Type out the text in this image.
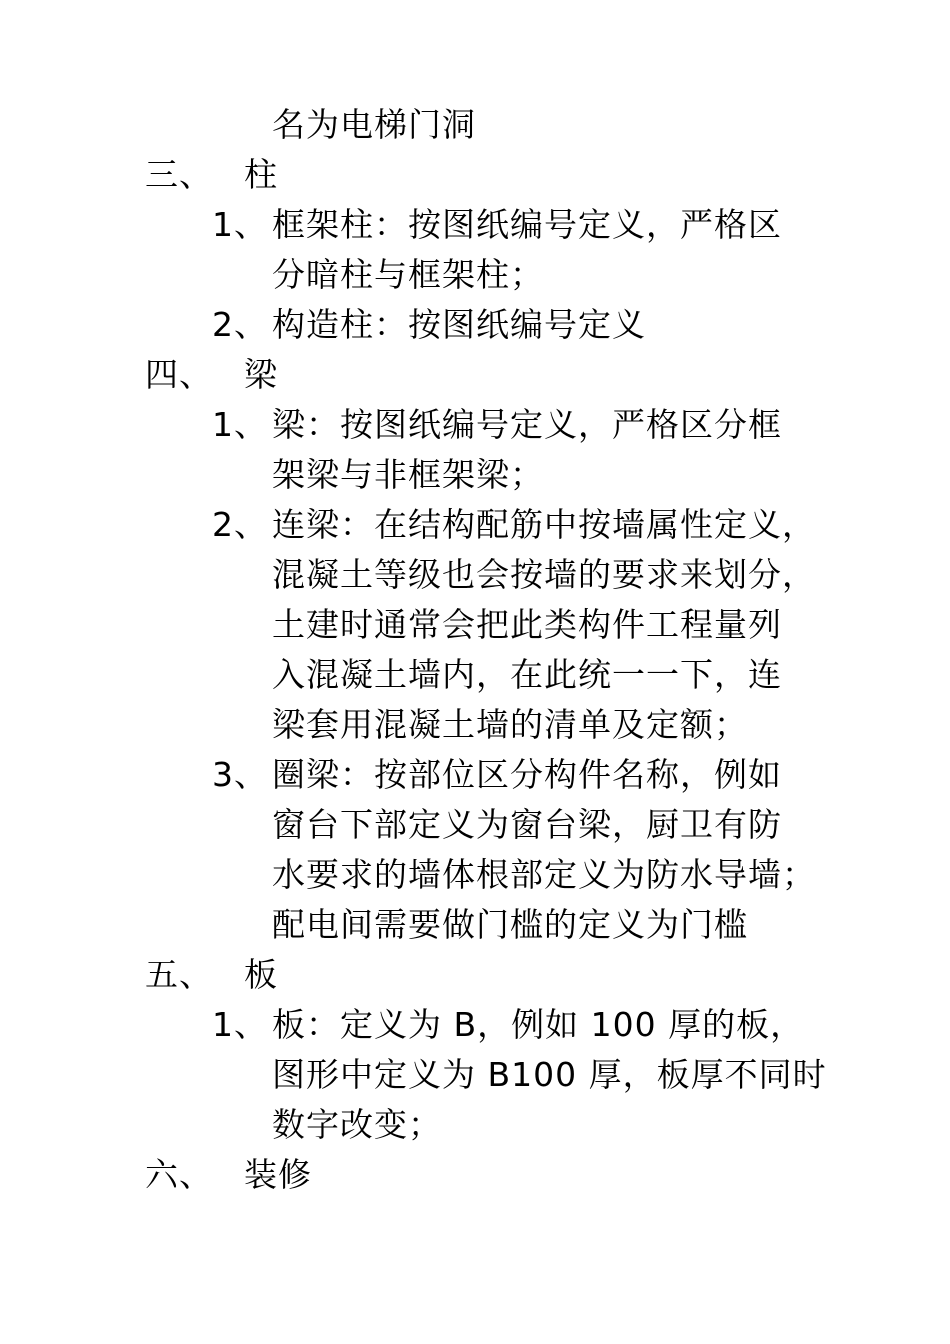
名为电梯门洞
三、 柱
1、 框架柱：按图纸编号定义，严格区
分暗柱与框架柱；
2、 构造柱：按图纸编号定义
四、 梁
1、 梁：按图纸编号定义，严格区分框
架梁与非框架梁；
2、 连梁：在结构配筋中按墙属性定义，
混凝土等级也会按墙的要求来划分，
土建时通常会把此类构件工程量列
入混凝土墙内，在此统一一下，连
梁套用混凝土墙的清单及定额；
3、 圈梁：按部位区分构件名称，例如
窗台下部定义为窗台梁，厨卫有防
水要求的墙体根部定义为防水导墙；
配电间需要做门槛的定义为门槛
五、 板
1、 板：定义为 B，例如 100 厚的板，
图形中定义为 B100 厚，板厚不同时
数字改变；
六、 装修
